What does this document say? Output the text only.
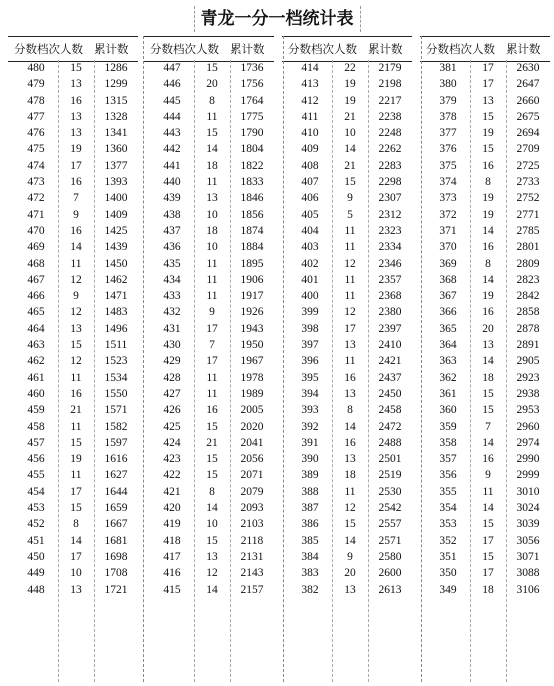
青龙一分一档统计表
分数档次 人数 累计数
480	15	1286
479	13	1299
478	16	1315
477	13	1328
476	13	1341
475	19	1360
474	17	1377
473	16	1393
472	7	1400
471	9	1409
470	16	1425
469	14	1439
468	11	1450
467	12	1462
466	9	1471
465	12	1483
464	13	1496
463	15	1511
462	12	1523
461	11	1534
460	16	1550
459	21	1571
458	11	1582
457	15	1597
456	19	1616
455	11	1627
454	17	1644
453	15	1659
452	8	1667
451	14	1681
450	17	1698
449	10	1708
448	13	1721
分数档次 人数 累计数
447	15	1736
446	20	1756
445	8	1764
444	11	1775
443	15	1790
442	14	1804
441	18	1822
440	11	1833
439	13	1846
438	10	1856
437	18	1874
436	10	1884
435	11	1895
434	11	1906
433	11	1917
432	9	1926
431	17	1943
430	7	1950
429	17	1967
428	11	1978
427	11	1989
426	16	2005
425	15	2020
424	21	2041
423	15	2056
422	15	2071
421	8	2079
420	14	2093
419	10	2103
418	15	2118
417	13	2131
416	12	2143
415	14	2157
分数档次 人数 累计数
414	22	2179
413	19	2198
412	19	2217
411	21	2238
410	10	2248
409	14	2262
408	21	2283
407	15	2298
406	9	2307
405	5	2312
404	11	2323
403	11	2334
402	12	2346
401	11	2357
400	11	2368
399	12	2380
398	17	2397
397	13	2410
396	11	2421
395	16	2437
394	13	2450
393	8	2458
392	14	2472
391	16	2488
390	13	2501
389	18	2519
388	11	2530
387	12	2542
386	15	2557
385	14	2571
384	9	2580
383	20	2600
382	13	2613
分数档次 人数 累计数
381	17	2630
380	17	2647
379	13	2660
378	15	2675
377	19	2694
376	15	2709
375	16	2725
374	8	2733
373	19	2752
372	19	2771
371	14	2785
370	16	2801
369	8	2809
368	14	2823
367	19	2842
366	16	2858
365	20	2878
364	13	2891
363	14	2905
362	18	2923
361	15	2938
360	15	2953
359	7	2960
358	14	2974
357	16	2990
356	9	2999
355	11	3010
354	14	3024
353	15	3039
352	17	3056
351	15	3071
350	17	3088
349	18	3106
